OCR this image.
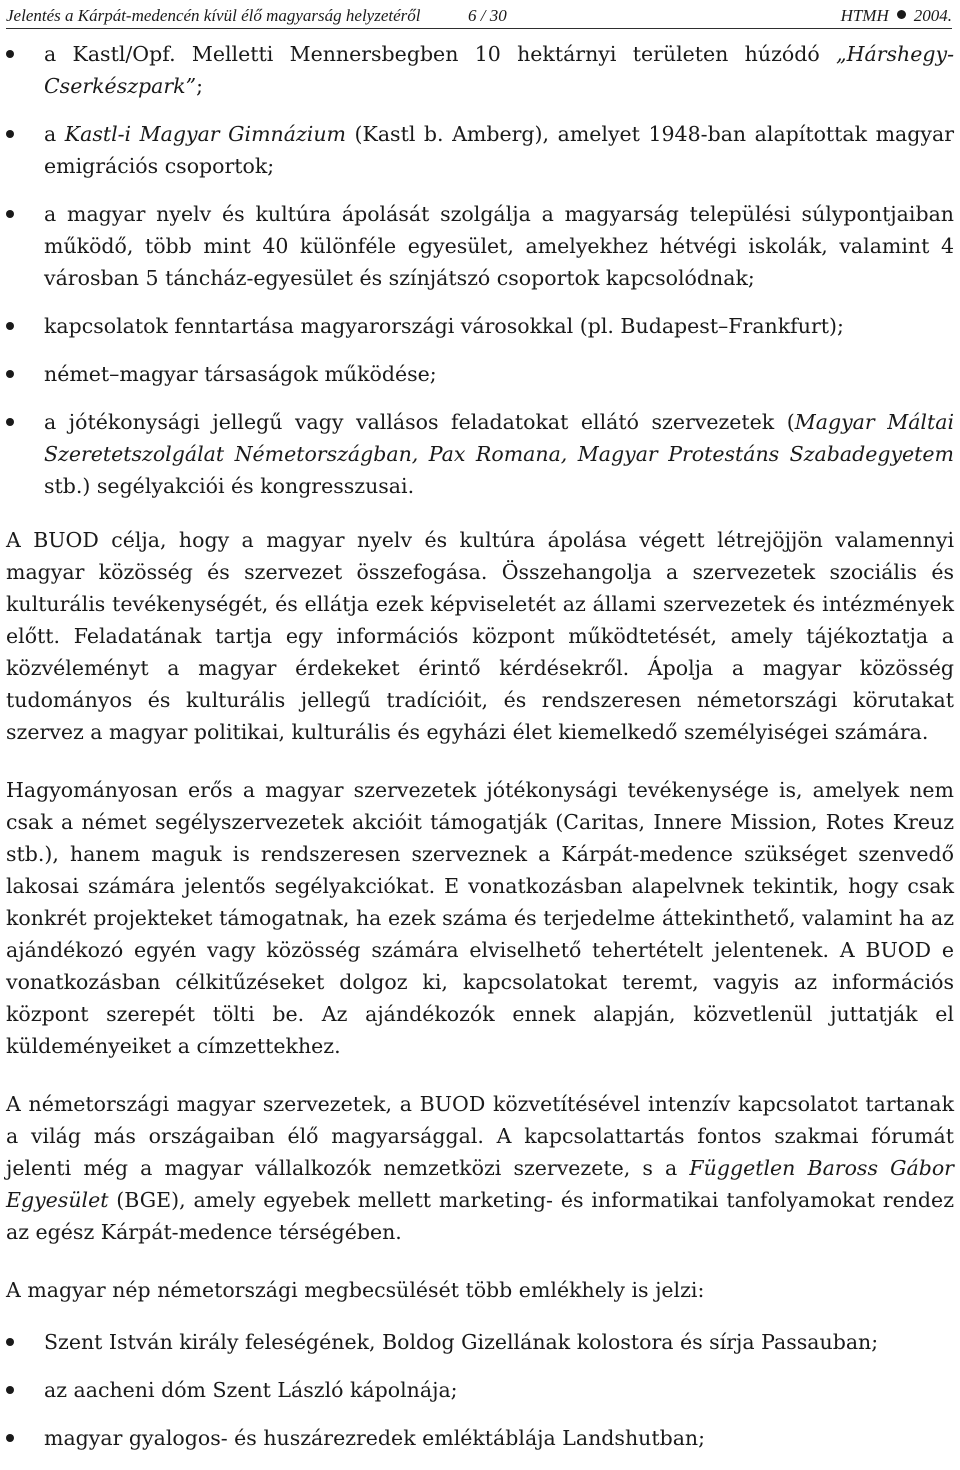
Jelentés a Kárpát-medencén kívül élő magyarság helyzetéről	6 / 30	HTMH 2004.
a Kastl/Opf. Melletti Mennersbegben 10 hektárnyi területen húzódó „Hárshegy-Cserkészpark”;
a Kastl-i Magyar Gimnázium (Kastl b. Amberg), amelyet 1948-ban alapítottak magyar emigrációs csoportok;
a magyar nyelv és kultúra ápolását szolgálja a magyarság települési súlypontjaiban működő, több mint 40 különféle egyesület, amelyekhez hétvégi iskolák, valamint 4 városban 5 táncház-egyesület és színjátszó csoportok kapcsolódnak;
kapcsolatok fenntartása magyarországi városokkal (pl. Budapest–Frankfurt);
német–magyar társaságok működése;
a jótékonysági jellegű vagy vallásos feladatokat ellátó szervezetek (Magyar Máltai Szeretetszolgálat Németországban, Pax Romana, Magyar Protestáns Szabadegyetem stb.) segélyakciói és kongresszusai.

A BUOD célja, hogy a magyar nyelv és kultúra ápolása végett létrejöjjön valamennyi magyar közösség és szervezet összefogása. Összehangolja a szervezetek szociális és kulturális tevékenységét, és ellátja ezek képviseletét az állami szervezetek és intézmények előtt. Feladatának tartja egy információs központ működtetését, amely tájékoztatja a közvéleményt a magyar érdekeket érintő kérdésekről. Ápolja a magyar közösség tudományos és kulturális jellegű tradícióit, és rendszeresen németországi körutakat szervez a magyar politikai, kulturális és egyházi élet kiemelkedő személyiségei számára.

Hagyományosan erős a magyar szervezetek jótékonysági tevékenysége is, amelyek nem csak a német segélyszervezetek akcióit támogatják (Caritas, Innere Mission, Rotes Kreuz stb.), hanem maguk is rendszeresen szerveznek a Kárpát-medence szükséget szenvedő lakosai számára jelentős segélyakciókat. E vonatkozásban alapelvnek tekintik, hogy csak konkrét projekteket támogatnak, ha ezek száma és terjedelme áttekinthető, valamint ha az ajándékozó egyén vagy közösség számára elviselhető tehertételt jelentenek. A BUOD e vonatkozásban célkitűzéseket dolgoz ki, kapcsolatokat teremt, vagyis az információs központ szerepét tölti be. Az ajándékozók ennek alapján, közvetlenül juttatják el küldeményeiket a címzettekhez.

A németországi magyar szervezetek, a BUOD közvetítésével intenzív kapcsolatot tartanak a világ más országaiban élő magyarsággal. A kapcsolattartás fontos szakmai fórumát jelenti még a magyar vállalkozók nemzetközi szervezete, s a Független Baross Gábor Egyesület (BGE), amely egyebek mellett marketing- és informatikai tanfolyamokat rendez az egész Kárpát-medence térségében.

A magyar nép németországi megbecsülését több emlékhely is jelzi:

Szent István király feleségének, Boldog Gizellának kolostora és sírja Passauban;
az aacheni dóm Szent László kápolnája;
magyar gyalogos- és huszárezredek emléktáblája Landshutban;
